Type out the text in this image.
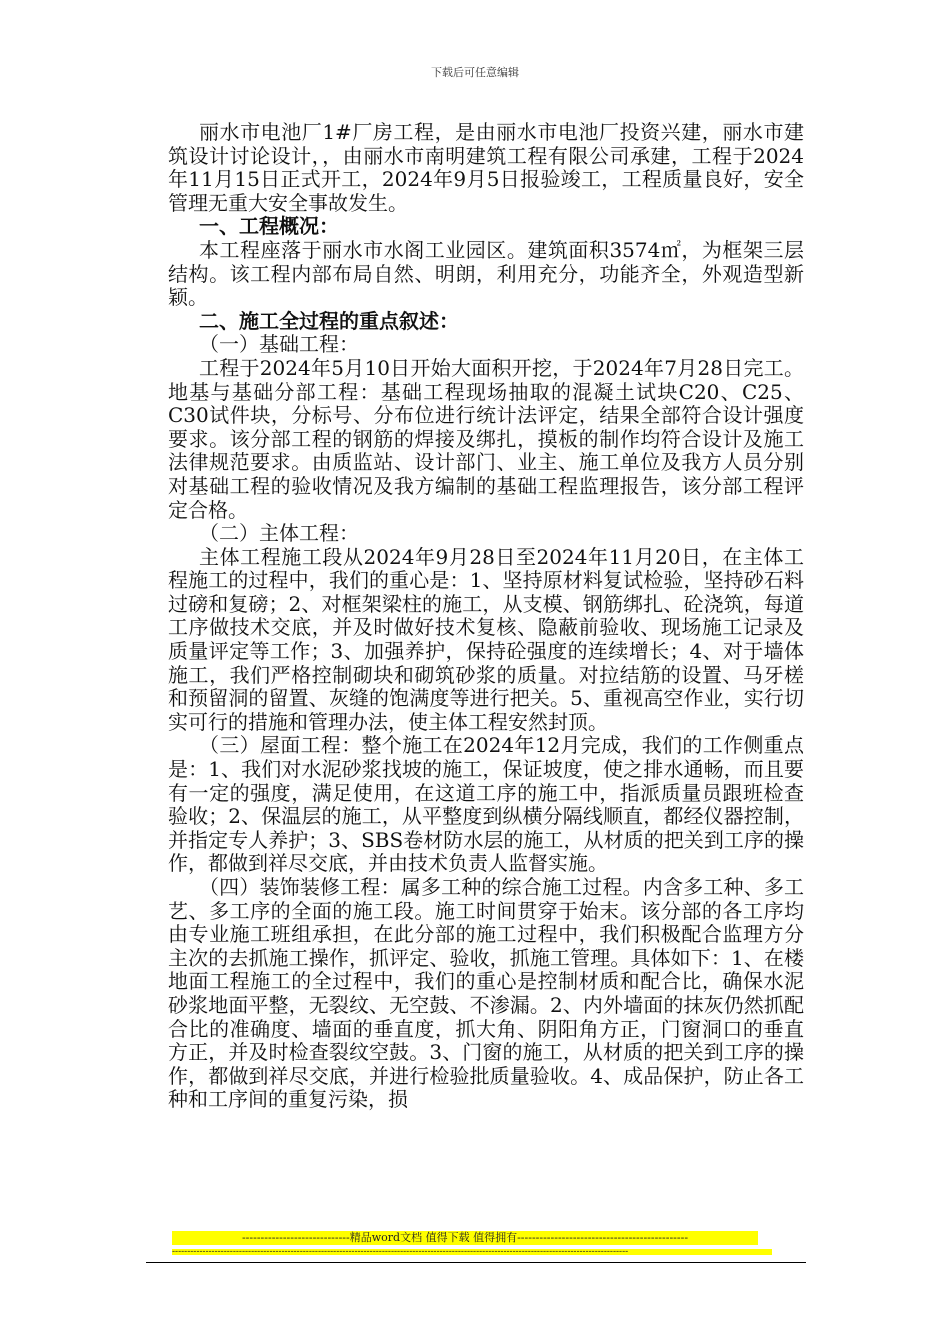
下载后可任意编辑

丽水市电池厂1#厂房工程，是由丽水市电池厂投资兴建，丽水市建筑设计讨论设计，，由丽水市南明建筑工程有限公司承建，工程于2024年11月15日正式开工，2024年9月5日报验竣工，工程质量良好，安全管理无重大安全事故发生。

一、工程概况：

本工程座落于丽水市水阁工业园区。建筑面积3574㎡，为框架三层结构。该工程内部布局自然、明朗，利用充分，功能齐全，外观造型新颖。

二、施工全过程的重点叙述：

（一）基础工程：

工程于2024年5月10日开始大面积开挖，于2024年7月28日完工。地基与基础分部工程：基础工程现场抽取的混凝土试块C20、C25、C30试件块，分标号、分布位进行统计法评定，结果全部符合设计强度要求。该分部工程的钢筋的焊接及绑扎，摸板的制作均符合设计及施工法律规范要求。由质监站、设计部门、业主、施工单位及我方人员分别对基础工程的验收情况及我方编制的基础工程监理报告，该分部工程评定合格。

（二）主体工程：

主体工程施工段从2024年9月28日至2024年11月20日，在主体工程施工的过程中，我们的重心是：1、坚持原材料复试检验，坚持砂石料过磅和复磅；2、对框架梁柱的施工，从支模、钢筋绑扎、砼浇筑，每道工序做技术交底，并及时做好技术复核、隐蔽前验收、现场施工记录及质量评定等工作；3、加强养护，保持砼强度的连续增长；4、对于墙体施工，我们严格控制砌块和砌筑砂浆的质量。对拉结筋的设置、马牙槎和预留洞的留置、灰缝的饱满度等进行把关。5、重视高空作业，实行切实可行的措施和管理办法，使主体工程安然封顶。

（三）屋面工程：整个施工在2024年12月完成，我们的工作侧重点是：1、我们对水泥砂浆找坡的施工，保证坡度，使之排水通畅，而且要有一定的强度，满足使用，在这道工序的施工中，指派质量员跟班检查验收；2、保温层的施工，从平整度到纵横分隔线顺直，都经仪器控制，并指定专人养护；3、SBS卷材防水层的施工，从材质的把关到工序的操作，都做到祥尽交底，并由技术负责人监督实施。

（四）装饰装修工程：属多工种的综合施工过程。内含多工种、多工艺、多工序的全面的施工段。施工时间贯穿于始末。该分部的各工序均由专业施工班组承担，在此分部的施工过程中，我们积极配合监理方分主次的去抓施工操作，抓评定、验收，抓施工管理。具体如下：1、在楼地面工程施工的全过程中，我们的重心是控制材质和配合比，确保水泥砂浆地面平整，无裂纹、无空鼓、不渗漏。2、内外墙面的抹灰仍然抓配合比的准确度、墙面的垂直度，抓大角、阴阳角方正，门窗洞口的垂直方正，并及时检查裂纹空鼓。3、门窗的施工，从材质的把关到工序的操作，都做到祥尽交底，并进行检验批质量验收。4、成品保护，防止各工种和工序间的重复污染，损

-----------------------------精品word文档 值得下载 值得拥有----------------------------------------------
------------------------------------------------------------------------------------------------------------------------------------------------------
